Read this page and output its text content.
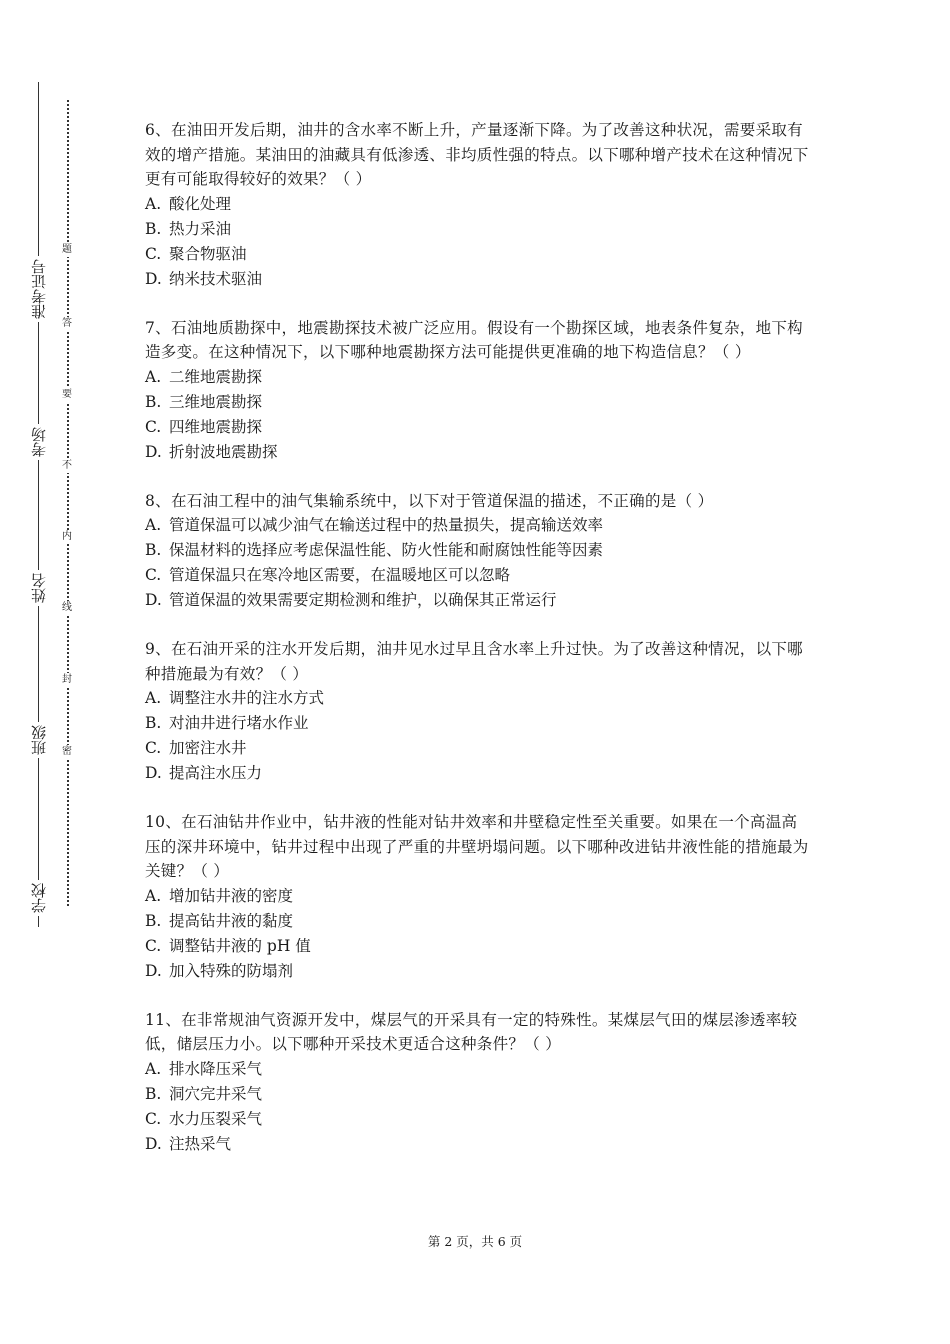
学校
班级
姓名
考场
准考证号
密
封
线
内
不
要
答
题

6、在油田开发后期，油井的含水率不断上升，产量逐渐下降。为了改善这种状况，需要采取有效的增产措施。某油田的油藏具有低渗透、非均质性强的特点。以下哪种增产技术在这种情况下更有可能取得较好的效果？（ ）

A. 酸化处理

B. 热力采油

C. 聚合物驱油

D. 纳米技术驱油

7、石油地质勘探中，地震勘探技术被广泛应用。假设有一个勘探区域，地表条件复杂，地下构造多变。在这种情况下，以下哪种地震勘探方法可能提供更准确的地下构造信息？（ ）

A. 二维地震勘探

B. 三维地震勘探

C. 四维地震勘探

D. 折射波地震勘探

8、在石油工程中的油气集输系统中，以下对于管道保温的描述，不正确的是（ ）

A. 管道保温可以减少油气在输送过程中的热量损失，提高输送效率

B. 保温材料的选择应考虑保温性能、防火性能和耐腐蚀性能等因素

C. 管道保温只在寒冷地区需要，在温暖地区可以忽略

D. 管道保温的效果需要定期检测和维护，以确保其正常运行

9、在石油开采的注水开发后期，油井见水过早且含水率上升过快。为了改善这种情况，以下哪种措施最为有效？（ ）

A. 调整注水井的注水方式

B. 对油井进行堵水作业

C. 加密注水井

D. 提高注水压力

10、在石油钻井作业中，钻井液的性能对钻井效率和井壁稳定性至关重要。如果在一个高温高压的深井环境中，钻井过程中出现了严重的井壁坍塌问题。以下哪种改进钻井液性能的措施最为关键？（ ）

A. 增加钻井液的密度

B. 提高钻井液的黏度

C. 调整钻井液的 pH 值

D. 加入特殊的防塌剂

11、在非常规油气资源开发中，煤层气的开采具有一定的特殊性。某煤层气田的煤层渗透率较低，储层压力小。以下哪种开采技术更适合这种条件？（ ）

A. 排水降压采气

B. 洞穴完井采气

C. 水力压裂采气

D. 注热采气

第 2 页，共 6 页
